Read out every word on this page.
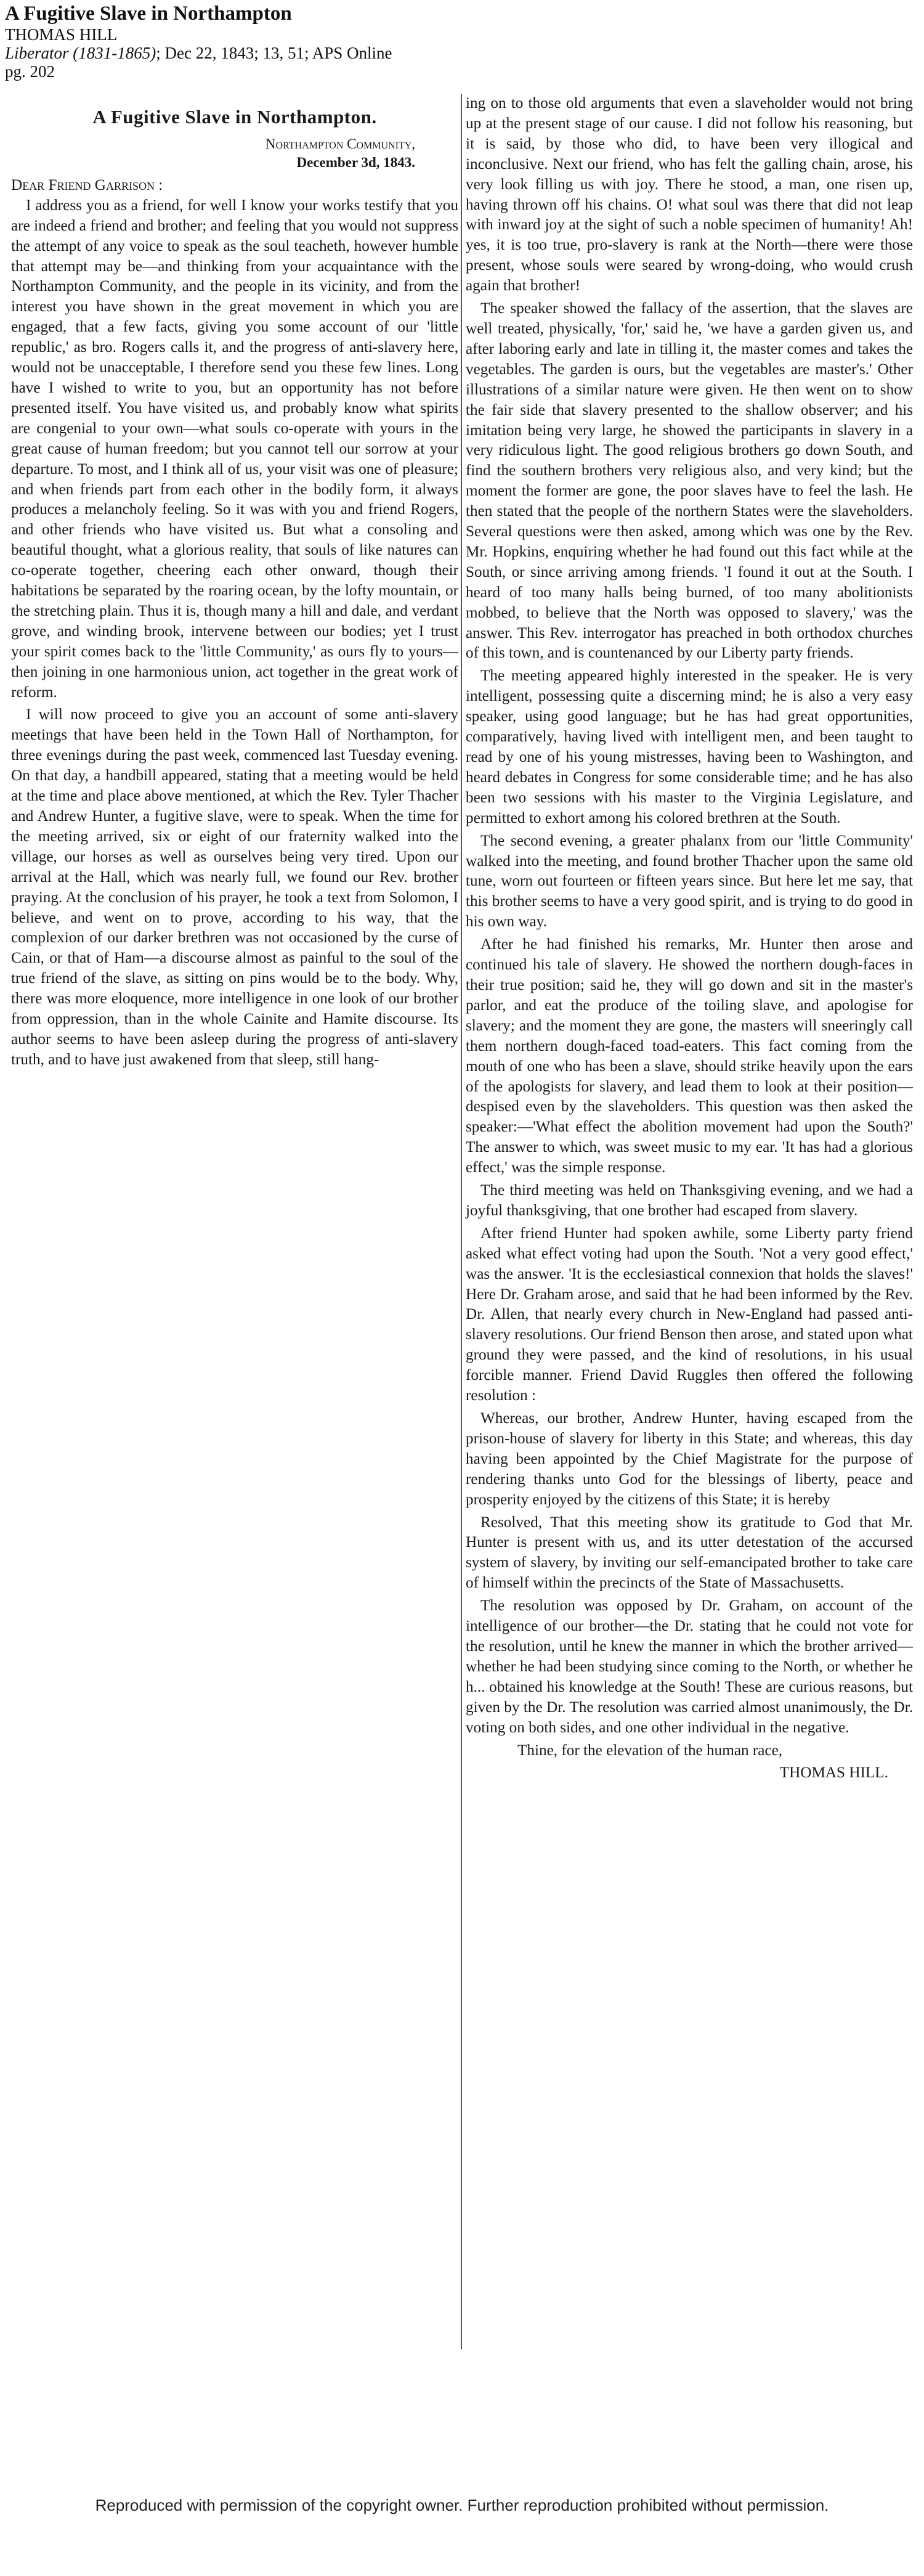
A Fugitive Slave in Northampton
THOMAS HILL
Liberator (1831-1865); Dec 22, 1843; 13, 51; APS Online
pg. 202
A Fugitive Slave in Northampton.
Northampton Community,
December 3d, 1843.
Dear Friend Garrison :

I address you as a friend, for well I know your works testify that you are indeed a friend and brother; and feeling that you would not suppress the attempt of any voice to speak as the soul teacheth, however humble that attempt may be—and thinking from your acquaintance with the Northampton Community, and the people in its vicinity, and from the interest you have shown in the great movement in which you are engaged, that a few facts, giving you some account of our 'little republic,' as bro. Rogers calls it, and the progress of anti-slavery here, would not be unacceptable, I therefore send you these few lines. Long have I wished to write to you, but an opportunity has not before presented itself. You have visited us, and probably know what spirits are congenial to your own—what souls co-operate with yours in the great cause of human freedom; but you cannot tell our sorrow at your departure. To most, and I think all of us, your visit was one of pleasure; and when friends part from each other in the bodily form, it always produces a melancholy feeling. So it was with you and friend Rogers, and other friends who have visited us. But what a consoling and beautiful thought, what a glorious reality, that souls of like natures can co-operate together, cheering each other onward, though their habitations be separated by the roaring ocean, by the lofty mountain, or the stretching plain. Thus it is, though many a hill and dale, and verdant grove, and winding brook, intervene between our bodies; yet I trust your spirit comes back to the 'little Community,' as ours fly to yours—then joining in one harmonious union, act together in the great work of reform.

I will now proceed to give you an account of some anti-slavery meetings that have been held in the Town Hall of Northampton, for three evenings during the past week, commenced last Tuesday evening. On that day, a handbill appeared, stating that a meeting would be held at the time and place above mentioned, at which the Rev. Tyler Thacher and Andrew Hunter, a fugitive slave, were to speak. When the time for the meeting arrived, six or eight of our fraternity walked into the village, our horses as well as ourselves being very tired. Upon our arrival at the Hall, which was nearly full, we found our Rev. brother praying. At the conclusion of his prayer, he took a text from Solomon, I believe, and went on to prove, according to his way, that the complexion of our darker brethren was not occasioned by the curse of Cain, or that of Ham—a discourse almost as painful to the soul of the true friend of the slave, as sitting on pins would be to the body. Why, there was more eloquence, more intelligence in one look of our brother from oppression, than in the whole Cainite and Hamite discourse. Its author seems to have been asleep during the progress of anti-slavery truth, and to have just awakened from that sleep, still hang-

ing on to those old arguments that even a slaveholder would not bring up at the present stage of our cause. I did not follow his reasoning, but it is said, by those who did, to have been very illogical and inconclusive. Next our friend, who has felt the galling chain, arose, his very look filling us with joy. There he stood, a man, one risen up, having thrown off his chains. O! what soul was there that did not leap with inward joy at the sight of such a noble specimen of humanity! Ah! yes, it is too true, pro-slavery is rank at the North—there were those present, whose souls were seared by wrong-doing, who would crush again that brother!

The speaker showed the fallacy of the assertion, that the slaves are well treated, physically, 'for,' said he, 'we have a garden given us, and after laboring early and late in tilling it, the master comes and takes the vegetables. The garden is ours, but the vegetables are master's.' Other illustrations of a similar nature were given. He then went on to show the fair side that slavery presented to the shallow observer; and his imitation being very large, he showed the participants in slavery in a very ridiculous light. The good religious brothers go down South, and find the southern brothers very religious also, and very kind; but the moment the former are gone, the poor slaves have to feel the lash. He then stated that the people of the northern States were the slaveholders. Several questions were then asked, among which was one by the Rev. Mr. Hopkins, enquiring whether he had found out this fact while at the South, or since arriving among friends. 'I found it out at the South. I heard of too many halls being burned, of too many abolitionists mobbed, to believe that the North was opposed to slavery,' was the answer. This Rev. interrogator has preached in both orthodox churches of this town, and is countenanced by our Liberty party friends.

The meeting appeared highly interested in the speaker. He is very intelligent, possessing quite a discerning mind; he is also a very easy speaker, using good language; but he has had great opportunities, comparatively, having lived with intelligent men, and been taught to read by one of his young mistresses, having been to Washington, and heard debates in Congress for some considerable time; and he has also been two sessions with his master to the Virginia Legislature, and permitted to exhort among his colored brethren at the South.

The second evening, a greater phalanx from our 'little Community' walked into the meeting, and found brother Thacher upon the same old tune, worn out fourteen or fifteen years since. But here let me say, that this brother seems to have a very good spirit, and is trying to do good in his own way.

After he had finished his remarks, Mr. Hunter then arose and continued his tale of slavery. He showed the northern dough-faces in their true position; said he, they will go down and sit in the master's parlor, and eat the produce of the toiling slave, and apologise for slavery; and the moment they are gone, the masters will sneeringly call them northern dough-faced toad-eaters. This fact coming from the mouth of one who has been a slave, should strike heavily upon the ears of the apologists for slavery, and lead them to look at their position—despised even by the slaveholders. This question was then asked the speaker:—'What effect the abolition movement had upon the South?' The answer to which, was sweet music to my ear. 'It has had a glorious effect,' was the simple response.

The third meeting was held on Thanksgiving evening, and we had a joyful thanksgiving, that one brother had escaped from slavery.

After friend Hunter had spoken awhile, some Liberty party friend asked what effect voting had upon the South. 'Not a very good effect,' was the answer. 'It is the ecclesiastical connexion that holds the slaves!' Here Dr. Graham arose, and said that he had been informed by the Rev. Dr. Allen, that nearly every church in New-England had passed anti-slavery resolutions. Our friend Benson then arose, and stated upon what ground they were passed, and the kind of resolutions, in his usual forcible manner. Friend David Ruggles then offered the following resolution :

Whereas, our brother, Andrew Hunter, having escaped from the prison-house of slavery for liberty in this State; and whereas, this day having been appointed by the Chief Magistrate for the purpose of rendering thanks unto God for the blessings of liberty, peace and prosperity enjoyed by the citizens of this State; it is hereby

Resolved, That this meeting show its gratitude to God that Mr. Hunter is present with us, and its utter detestation of the accursed system of slavery, by inviting our self-emancipated brother to take care of himself within the precincts of the State of Massachusetts.

The resolution was opposed by Dr. Graham, on account of the intelligence of our brother—the Dr. stating that he could not vote for the resolution, until he knew the manner in which the brother arrived—whether he had been studying since coming to the North, or whether he h... obtained his knowledge at the South! These are curious reasons, but given by the Dr. The resolution was carried almost unanimously, the Dr. voting on both sides, and one other individual in the negative.

Thine, for the elevation of the human race,

THOMAS HILL.
Reproduced with permission of the copyright owner. Further reproduction prohibited without permission.
